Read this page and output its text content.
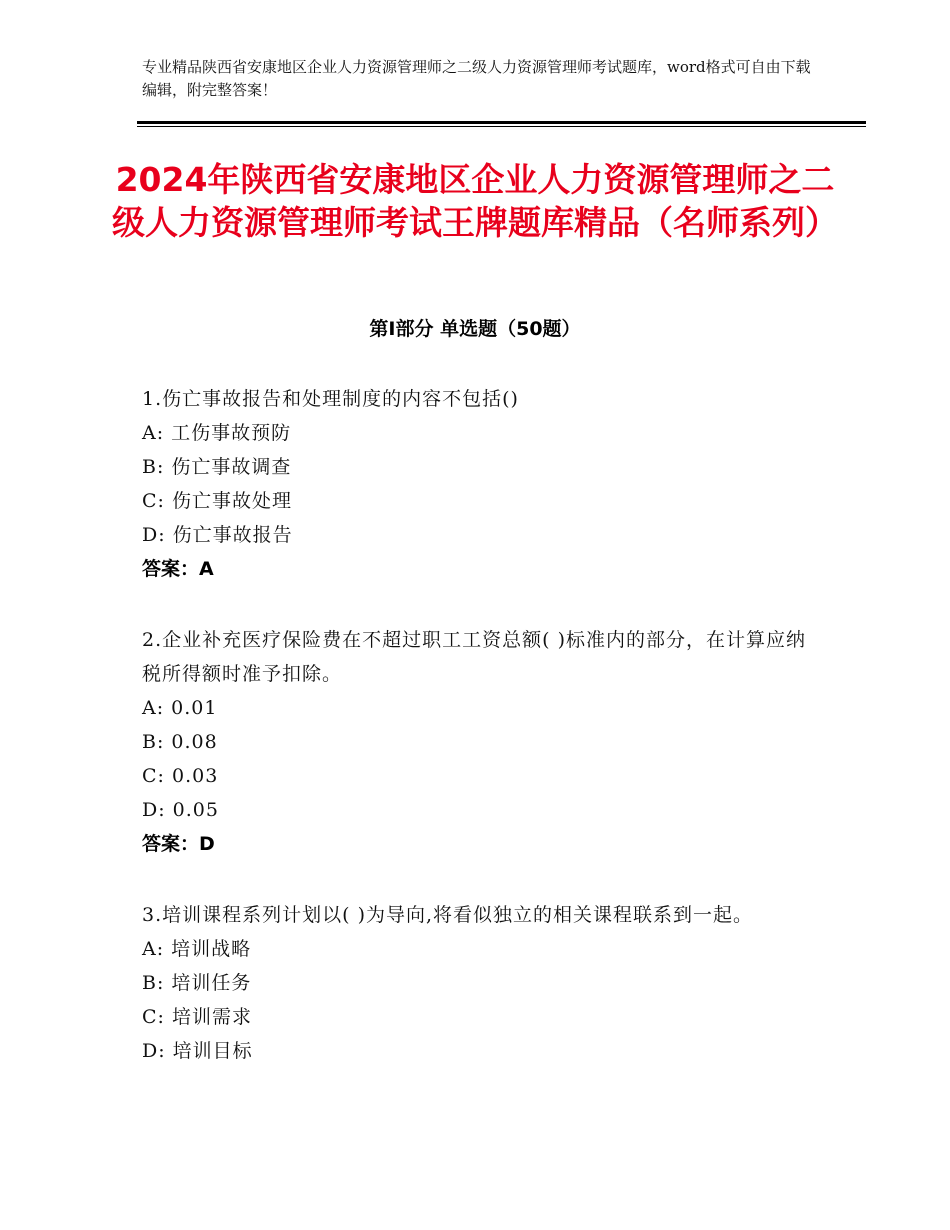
专业精品陕西省安康地区企业人力资源管理师之二级人力资源管理师考试题库，word格式可自由下载编辑，附完整答案！
2024年陕西省安康地区企业人力资源管理师之二级人力资源管理师考试王牌题库精品（名师系列）
第Ⅰ部分 单选题（50题）
1.伤亡事故报告和处理制度的内容不包括()
A: 工伤事故预防
B: 伤亡事故调查
C: 伤亡事故处理
D: 伤亡事故报告
答案：A
2.企业补充医疗保险费在不超过职工工资总额( )标准内的部分，在计算应纳税所得额时准予扣除。
A: 0.01
B: 0.08
C: 0.03
D: 0.05
答案：D
3.培训课程系列计划以( )为导向,将看似独立的相关课程联系到一起。
A: 培训战略
B: 培训任务
C: 培训需求
D: 培训目标
